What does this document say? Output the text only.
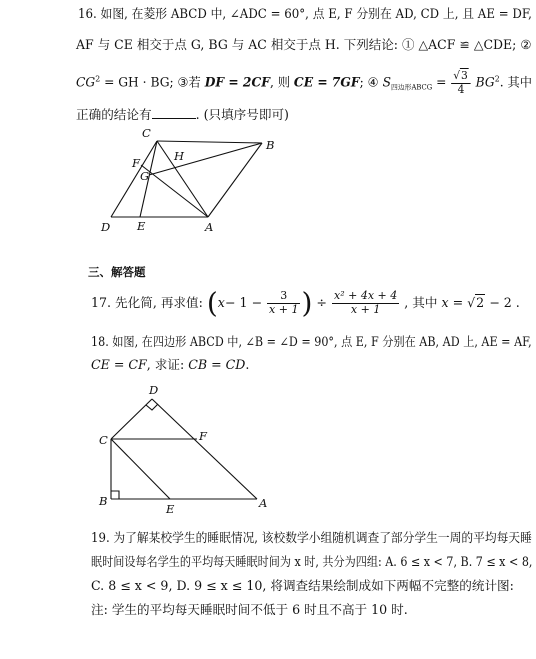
16. 如图, 在菱形 ABCD 中, ∠ADC = 60°, 点 E, F 分别在 AD, CD 上, 且 AE = DF,
AF 与 CE 相交于点 G, BG 与 AC 相交于点 H. 下列结论: ① △ACF ≌ △CDE; ②
$CG^2$ = GH · BG; ③若 DF = 2CF, 则 CE = 7GF; ④ $S_{四边形ABCG} = \frac{√3}{4} BG^2$. 其中
正确的结论有	. (只填序号即可)
C
B
F	H
G
D E	A
三、解答题
17. 先化简, 再求值: ($x- 1 - \frac{3}{x + 1}$ ) ÷ $\frac{\text{x² + 4x + 4}}{x + 1}$ , 其中 x = √2 − 2 .
18. 如图, 在四边形 ABCD 中, ∠B = ∠D = 90°, 点 E, F 分别在 AB, AD 上, AE = AF,
CE = CF, 求证: CB = CD.
D
C	F
B
E	A
19. 为了解某校学生的睡眠情况, 该校数学小组随机调查了部分学生一周的平均每天睡
眠时间设每名学生的平均每天睡眠时间为 x 时, 共分为四组: A. 6 ≤ x < 7, B. 7 ≤ x < 8,
C. 8 ≤ x < 9, D. 9 ≤ x ≤ 10, 将调查结果绘制成如下两幅不完整的统计图:
注: 学生的平均每天睡眠时间不低于 6 时且不高于 10 时.
